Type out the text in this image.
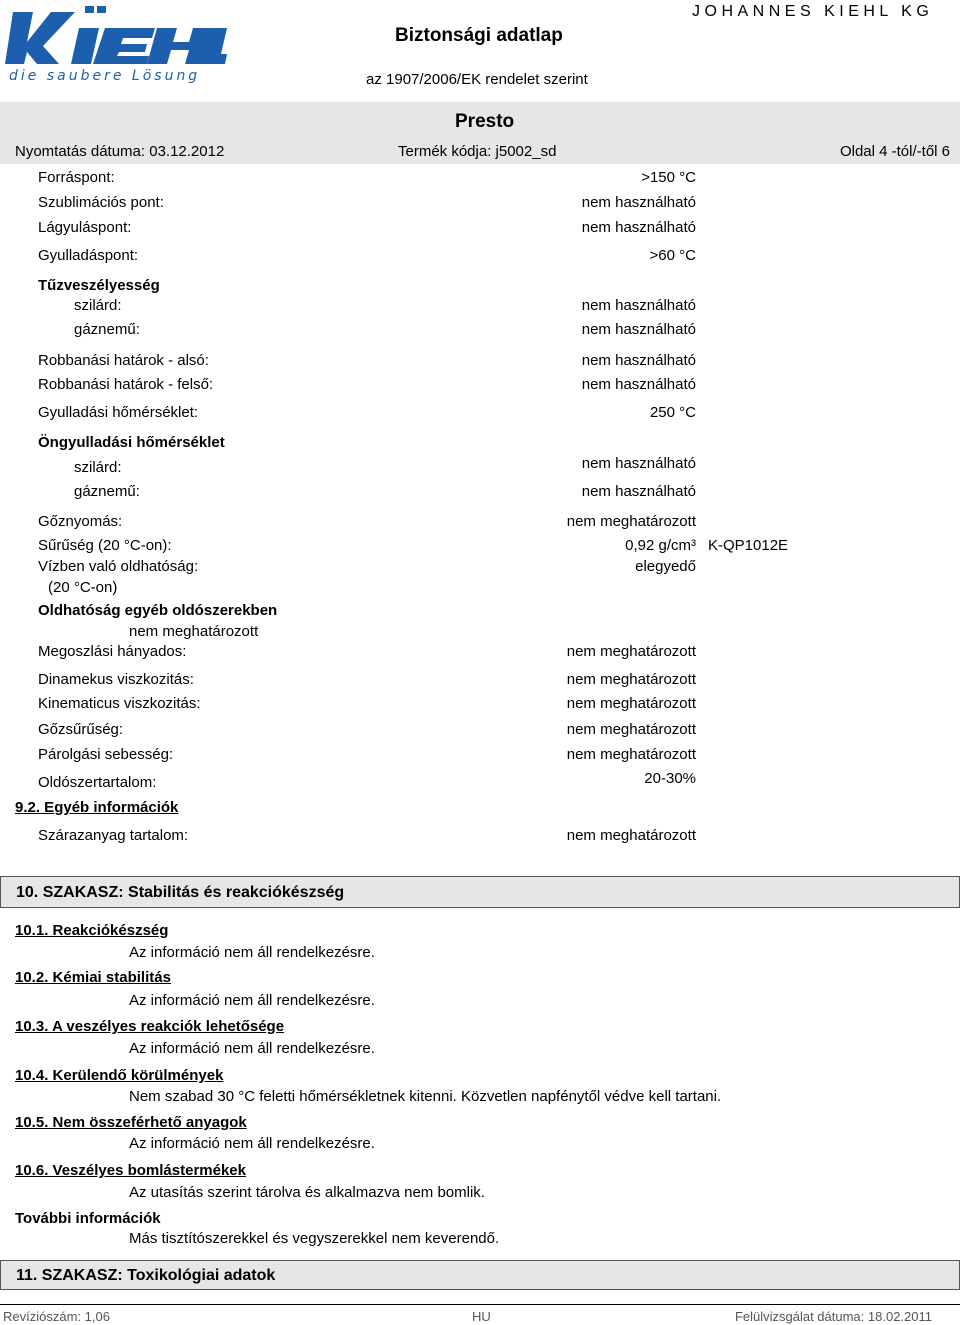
die saubere Lösung
Biztonsági adatlap
JOHANNES KIEHL KG
az 1907/2006/EK rendelet szerint
Presto
Nyomtatás dátuma: 03.12.2012	Termék kódja: j5002_sd	Oldal 4 -tól/-től 6
Forráspont:	>150 °C
Szublimációs pont:	nem használható
Lágyuláspont:	nem használható
Gyulladáspont:	>60 °C
Tűzveszélyesség
szilárd:	nem használható
gáznemű:	nem használható
Robbanási határok - alsó:	nem használható
Robbanási határok - felső:	nem használható
Gyulladási hőmérséklet:	250 °C
Öngyulladási hőmérséklet
szilárd:	nem használható
gáznemű:	nem használható
Gőznyomás:	nem meghatározott
Sűrűség (20 °C-on):	0,92 g/cm³ K-QP1012E
Vízben való oldhatóság:	elegyedő
(20 °C-on)
Oldhatóság egyéb oldószerekben
nem meghatározott
Megoszlási hányados:	nem meghatározott
Dinamekus viszkozitás:	nem meghatározott
Kinematicus viszkozitás:	nem meghatározott
Gőzsűrűség:	nem meghatározott
Párolgási sebesség:	nem meghatározott
Oldószertartalom:	20-30%
9.2. Egyéb információk
Szárazanyag tartalom:	nem meghatározott
10. SZAKASZ: Stabilitás és reakciókészség
10.1. Reakciókészség
Az információ nem áll rendelkezésre.
10.2. Kémiai stabilitás
Az információ nem áll rendelkezésre.
10.3. A veszélyes reakciók lehetősége
Az információ nem áll rendelkezésre.
10.4. Kerülendő körülmények
Nem szabad 30 °C feletti hőmérsékletnek kitenni. Közvetlen napfénytől védve kell tartani.
10.5. Nem összeférhető anyagok
Az információ nem áll rendelkezésre.
10.6. Veszélyes bomlástermékek
Az utasítás szerint tárolva és alkalmazva nem bomlik.
További információk
Más tisztítószerekkel és vegyszerekkel nem keverendő.
11. SZAKASZ: Toxikológiai adatok
Revíziószám: 1,06	HU	Felülvizsgálat dátuma: 18.02.2011
